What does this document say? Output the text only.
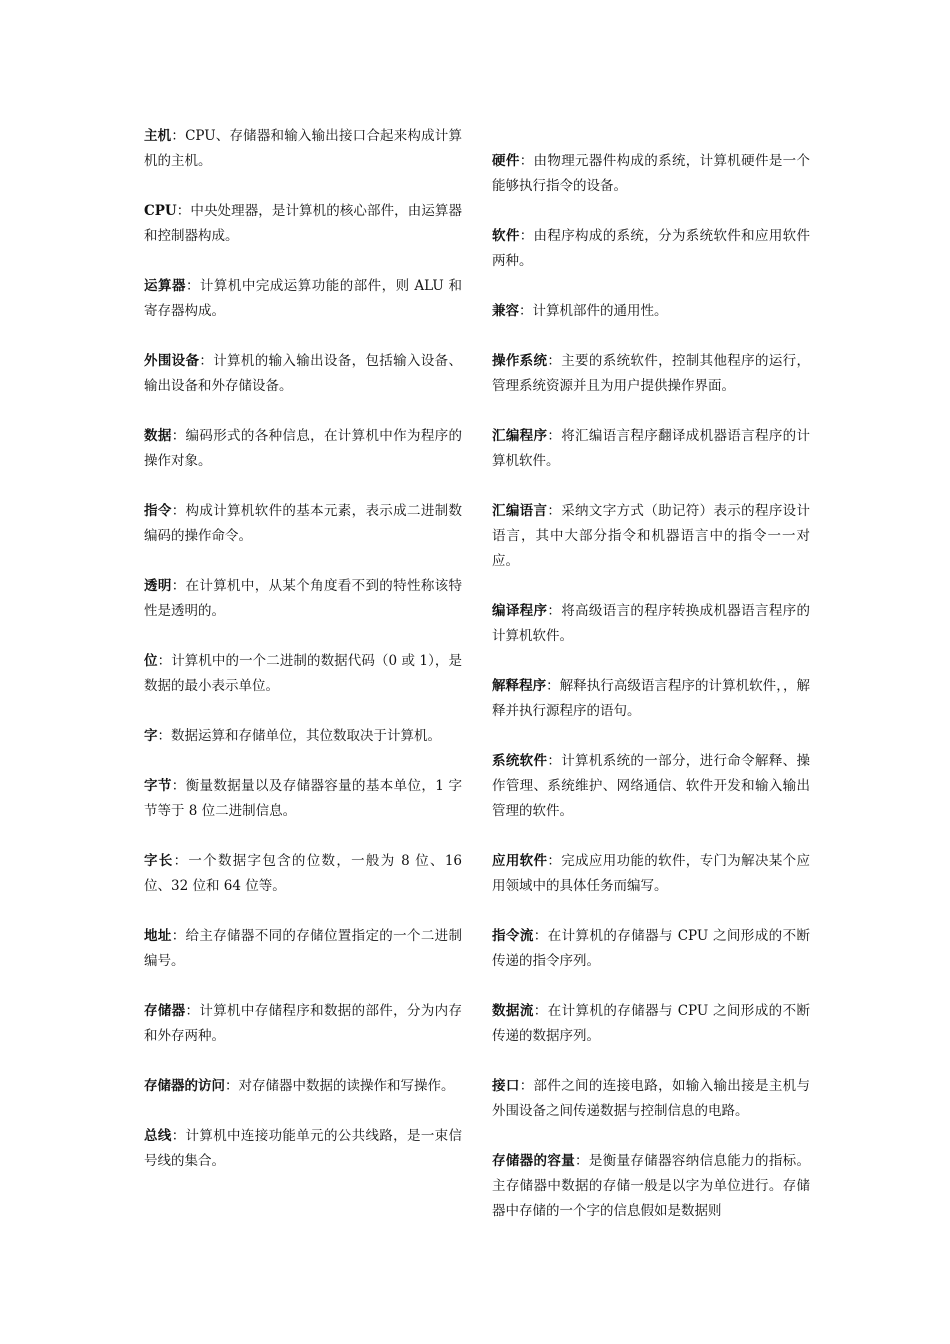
主机：CPU、存储器和输入输出接口合起来构成计算机的主机。

CPU：中央处理器，是计算机的核心部件，由运算器和控制器构成。

运算器：计算机中完成运算功能的部件，则 ALU 和寄存器构成。

外围设备：计算机的输入输出设备，包括输入设备、输出设备和外存储设备。

数据：编码形式的各种信息，在计算机中作为程序的操作对象。

指令：构成计算机软件的基本元素，表示成二进制数编码的操作命令。

透明：在计算机中，从某个角度看不到的特性称该特性是透明的。

位：计算机中的一个二进制的数据代码（0 或 1），是数据的最小表示单位。

字：数据运算和存储单位，其位数取决于计算机。

字节：衡量数据量以及存储器容量的基本单位，1 字节等于 8 位二进制信息。

字长：一个数据字包含的位数，一般为 8 位、16 位、32 位和 64 位等。

地址：给主存储器不同的存储位置指定的一个二进制编号。

存储器：计算机中存储程序和数据的部件，分为内存和外存两种。

存储器的访问：对存储器中数据的读操作和写操作。

总线：计算机中连接功能单元的公共线路，是一束信号线的集合。

硬件：由物理元器件构成的系统，计算机硬件是一个能够执行指令的设备。

软件：由程序构成的系统，分为系统软件和应用软件两种。

兼容：计算机部件的通用性。

操作系统：主要的系统软件，控制其他程序的运行，管理系统资源并且为用户提供操作界面。

汇编程序：将汇编语言程序翻译成机器语言程序的计算机软件。

汇编语言：采纳文字方式（助记符）表示的程序设计语言，其中大部分指令和机器语言中的指令一一对应。

编译程序：将高级语言的程序转换成机器语言程序的计算机软件。

解释程序：解释执行高级语言程序的计算机软件，，解释并执行源程序的语句。

系统软件：计算机系统的一部分，进行命令解释、操作管理、系统维护、网络通信、软件开发和输入输出管理的软件。

应用软件：完成应用功能的软件，专门为解决某个应用领域中的具体任务而编写。

指令流：在计算机的存储器与 CPU 之间形成的不断传递的指令序列。

数据流：在计算机的存储器与 CPU 之间形成的不断传递的数据序列。

接口：部件之间的连接电路，如输入输出接是主机与外围设备之间传递数据与控制信息的电路。

存储器的容量：是衡量存储器容纳信息能力的指标。主存储器中数据的存储一般是以字为单位进行。存储器中存储的一个字的信息假如是数据则
